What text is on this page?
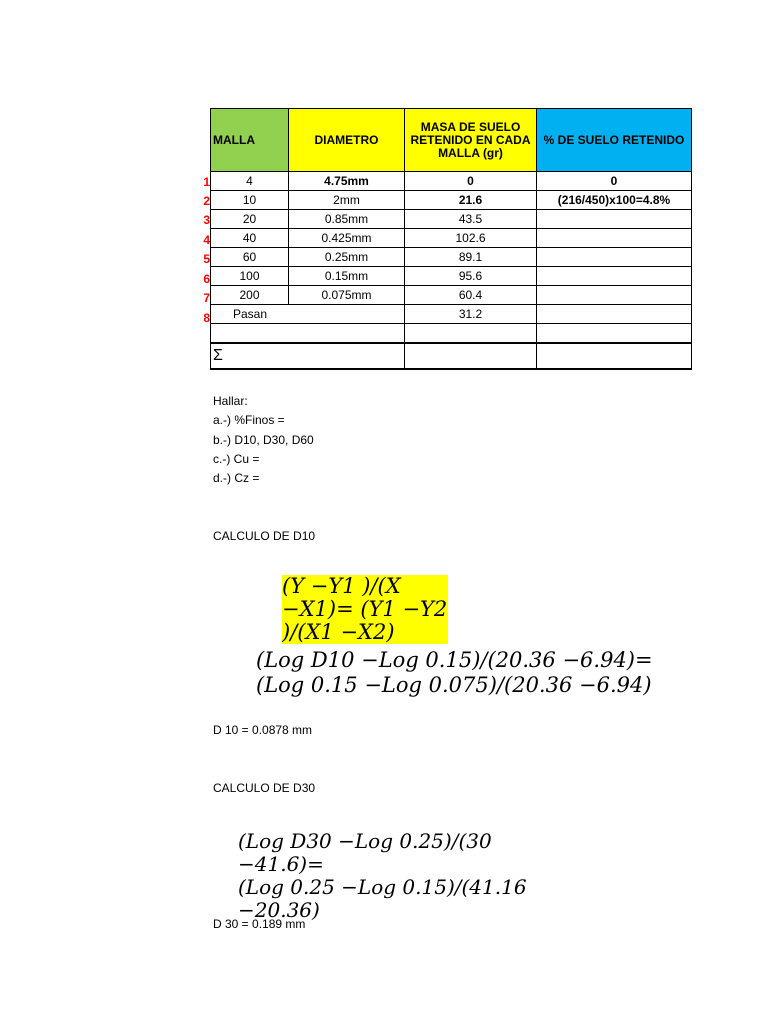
1
2
3
4
5
6
7
8
MALLA	DIAMETRO	MASA DE SUELO RETENIDO EN CADA MALLA (gr)	% DE SUELO RETENIDO
4	4.75mm	0	0
10	2mm	21.6	(216/450)x100=4.8%
20	0.85mm	43.5	
40	0.425mm	102.6	
60	0.25mm	89.1	
100	0.15mm	95.6	
200	0.075mm	60.4	
Pasan		31.2	

Σ			
Hallar:
a.-) %Finos =
b.-) D10, D30, D60
c.-) Cu =
d.-) Cz =
CALCULO DE D10
(Y −Y1 )/(X −X1)= (Y1 −Y2 )/(X1 −X2)
(Log D10 −Log 0.15)/(20.36 −6.94)=
(Log 0.15 −Log 0.075)/(20.36 −6.94)
D 10 = 0.0878 mm
CALCULO DE D30
(Log D30 −Log 0.25)/(30 −41.6)=
(Log 0.25 −Log 0.15)/(41.16
−20.36)
D 30 = 0.189 mm
